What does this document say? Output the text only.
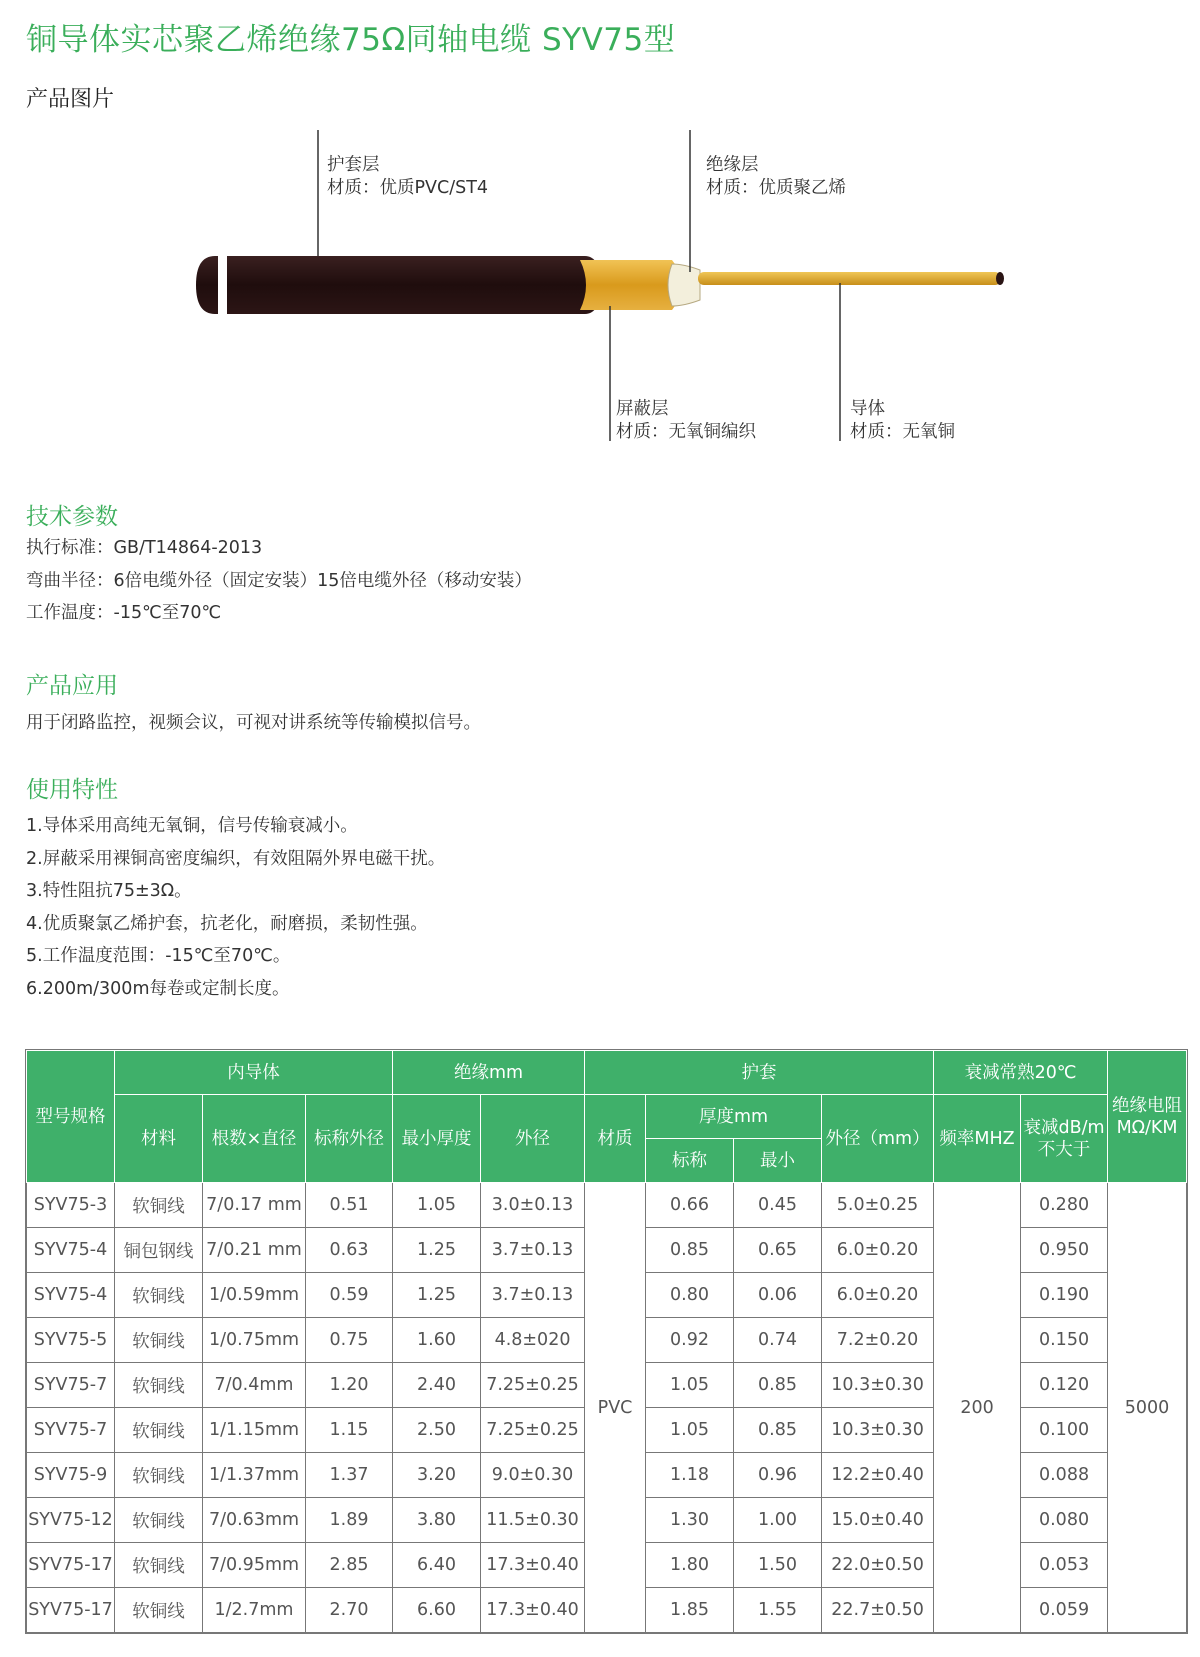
铜导体实芯聚乙烯绝缘75Ω同轴电缆 SYV75型
产品图片
护套层
材质：优质PVC/ST4
绝缘层
材质：优质聚乙烯
屏蔽层
材质：无氧铜编织
导体
材质：无氧铜
技术参数
执行标准：GB/T14864-2013
弯曲半径：6倍电缆外径（固定安装）15倍电缆外径（移动安装）
工作温度：-15℃至70℃
产品应用
用于闭路监控，视频会议，可视对讲系统等传输模拟信号。
使用特性
1.导体采用高纯无氧铜，信号传输衰减小。
2.屏蔽采用裸铜高密度编织，有效阻隔外界电磁干扰。
3.特性阻抗75±3Ω。
4.优质聚氯乙烯护套，抗老化，耐磨损，柔韧性强。
5.工作温度范围：-15℃至70℃。
6.200m/300m每卷或定制长度。
型号规格	内导体			绝缘mm		护套				衰减常熟20℃		绝缘电阻MΩ/KM
	材料	根数×直径	标称外径	最小厚度	外径	材质	厚度mm		外径（mm）	频率MHZ	衰减dB/m不大于	
							标称	最小				
SYV75-3	软铜线	7/0.17 mm	0.51	1.05	3.0±0.13	PVC	0.66	0.45	5.0±0.25	200	0.280	5000
SYV75-4	铜包钢线	7/0.21 mm	0.63	1.25	3.7±0.13		0.85	0.65	6.0±0.20		0.950	
SYV75-4	软铜线	1/0.59mm	0.59	1.25	3.7±0.13		0.80	0.06	6.0±0.20		0.190	
SYV75-5	软铜线	1/0.75mm	0.75	1.60	4.8±020		0.92	0.74	7.2±0.20		0.150	
SYV75-7	软铜线	7/0.4mm	1.20	2.40	7.25±0.25		1.05	0.85	10.3±0.30		0.120	
SYV75-7	软铜线	1/1.15mm	1.15	2.50	7.25±0.25		1.05	0.85	10.3±0.30		0.100	
SYV75-9	软铜线	1/1.37mm	1.37	3.20	9.0±0.30		1.18	0.96	12.2±0.40		0.088	
SYV75-12	软铜线	7/0.63mm	1.89	3.80	11.5±0.30		1.30	1.00	15.0±0.40		0.080	
SYV75-17	软铜线	7/0.95mm	2.85	6.40	17.3±0.40		1.80	1.50	22.0±0.50		0.053	
SYV75-17	软铜线	1/2.7mm	2.70	6.60	17.3±0.40		1.85	1.55	22.7±0.50		0.059	
